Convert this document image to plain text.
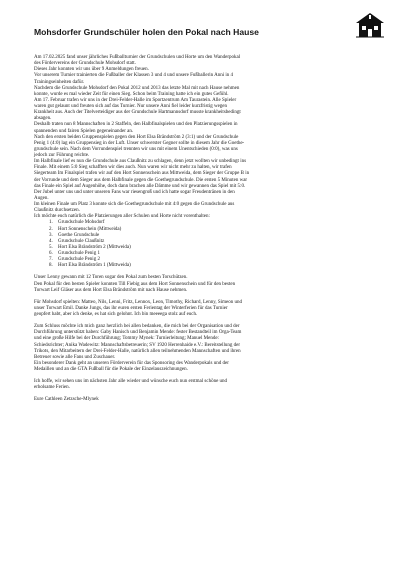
Mohsdorfer Grundschüler holen den Pokal nach Hause

Am 17.02.2025 fand unser jährliches Fußballturnier der Grundschulen und Horte um den Wanderpokal

des Fördervereins der Grundschule Mohsdorf statt.

Dieses Jahr konnten wir uns über 9 Anmeldungen freuen.

Vor unserem Turnier trainierten die Fußballer der Klassen 3 und 4 und unsere Fußballerin Anni in 4

Trainingseinheiten dafür.

Nachdem die Grundschule Mohsdorf den Pokal 2012 und 2013 das letzte Mal mit nach Hause nehmen

konnte, wurde es mal wieder Zeit für einen Sieg. Schon beim Training hatte ich ein gutes Gefühl.

Am 17. Februar trafen wir uns in der Drei-Felder-Halle im Sportzentrum Am Taurastein. Alle Spieler

waren gut gelaunt und freuten sich auf das Turnier. Nur unsere Anni fiel leider kurzfristig wegen

Krankheit aus. Auch der Titelverteidiger aus der Grundschule Hartmannsdorf musste krankheitsbedingt

absagen.

Deshalb traten nun 8 Mannschaften in 2 Staffeln, den Halbfinalspielen und den Platzierungsspielen in

spannenden und fairen Spielen gegeneinander an.

Nach den ersten beiden Gruppenspielen gegen den Hort Elsa Brändström 2 (3:1) und der Grundschule

Penig 1 (4:0) lag ein Gruppensieg in der Luft. Unser schwerster Gegner sollte in diesem Jahr die Goethe-

grundschule sein. Nach dem Vorrundenspiel trennten wir uns mit einem Unentschieden (0:0), was uns

jedoch zur Führung reichte.

Im Halbfinale lief es nun die Grundschule aus Claußnitz zu schlagen, denn jetzt wollten wir unbedingt ins

Finale. Mit einem 5:0 Sieg schafften wir dies auch. Nun waren wir nicht mehr zu halten, wir trafen

Siegerteam Im Finalspiel trafen wir auf den Hort Sonnenschein aus Mittweida, dem Sieger der Gruppe B in

der Vorrunde und dem Sieger aus dem Halbfinale gegen die Goethegrundschule. Die ersten 5 Minuten war

das Finale ein Spiel auf Augenhöhe, doch dann brachen alle Dämme und wir gewannen das Spiel mit 5:0.

Der Jubel unter uns und unter unseren Fans war riesengroß und ich hatte sogar Freudentränen in den

Augen.

Im kleinen Finale um Platz 3 konnte sich die Goethegrundschule mit 4:0 gegen die Grundschule aus

Claußnitz durchsetzen.

Ich möchte euch natürlich die Platzierungen aller Schulen und Horte nicht vorenthalten:

1. Grundschule Mohsdorf
2. Hort Sonnenschein (Mittweida)
3. Goethe Grundschule
4. Grundschule Claußnitz
5. Hort Elsa Brändström 2 (Mittweida)
6. Grundschule Penig 1
7. Grundschule Penig 2
8. Hort Elsa Brändström 1 (Mittweida)

Unser Lenny gewann mit 12 Toren sogar den Pokal zum besten Torschützen.

Den Pokal für den besten Spieler konnten Till Fiebig aus dem Hort Sonnenschein und für den besten

Torwart Leif Gläser aus dem Hort Elsa Brändström mit nach Hause nehmen.

Für Mohsdorf spielten: Matteo, Nils, Lenni, Fritz, Lennox, Leon, Timothy, Richard, Lenny, Simeon und

unser Torwart Emil. Danke Jungs, das ihr euren ersten Ferientag der Winterferien für das Turnier

geopfert habt, aber ich denke, es hat sich gelohnt. Ich bin meeeega stolz auf euch.

Zum Schluss möchte ich mich ganz herzlich bei allen bedanken, die mich bei der Organisation und der

Durchführung unterstützt haben: Gaby Hanisch und Benjamin Mende: fester Bestandteil im Orga-Team

und eine große Hilfe bei der Durchführung; Tommy Mynek: Turnierleitung; Manuel Mende:

Schiedsrichter; Anika Wadewitz: Mannschaftsbetreuerin; SV 1920 Herrenhaide e.V.: Bereitstellung der

Trikots, den Mitarbeitern der Drei-Felder-Halle, natürlich allen teilnehmenden Mannschaften und ihren

Betreuer sowie alle Fans und Zuschauer.

Ein besonderer Dank geht an unseren Förderverein für das Sponsoring des Wanderpokals und der

Medaillen und an die GTA Fußball für die Pokale der Einzelauszeichnungen.

Ich hoffe, wir sehen uns im nächsten Jahr alle wieder und wünsche euch nun erstmal schöne und

erholsame Ferien.

Eure Cathleen Zetzsche-Mlynek
